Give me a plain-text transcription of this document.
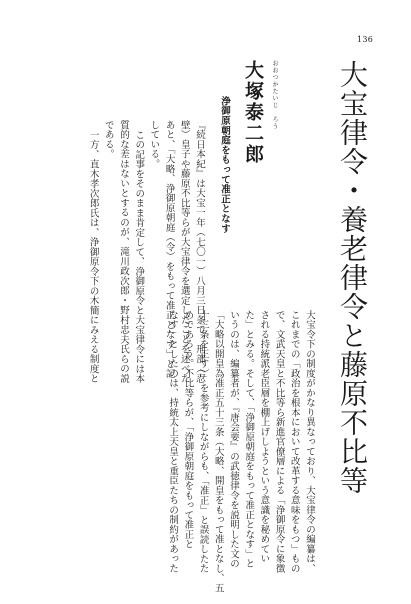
136
大宝律令・養老律令と藤原不比等
おおつかたいじ　ろう
大塚泰二郎
浄御原朝庭をもって准正となす
『続日本紀』は大宝一年（七〇一）八月三日条で、刑部（忍
壁）皇子や藤原不比等らが大宝律令を選定したことを述べた
あと、「大略、浄御原朝庭（令）をもって准正となす」と記
している。
この記事をそのまま肯定して、浄御原令と大宝律令には本
質的な差はないとするのが、滝川政次郎・野村忠夫氏らの説
である。
一方、直木孝次郎氏は、浄御原令下の木簡にみえる制度と
大宝令下の制度がかなり異なっており、大宝律令の編纂は、
これまでの「政治を根本において改革する意味をもつ」もの
で、文武天皇と不比等ら新進官僚層による「浄御原令に象徴
される持統派老臣層を棚上げしようという意識を秘めてい
た」とみる。そして、「浄御原朝庭をもって准正となす」と
いうのは、編纂者が、『唐会要』の武徳律令を説明した文の
「大略以開皇為准正五十三条（大略、開皇をもって准となし、五
十三条を正す）」を参考にしながらも、「准正」と誤読したた
めであろう。不比等らが、「浄御原朝庭をもって准正と
なす」としたのは、持統太上天皇と重臣たちの制約があった
